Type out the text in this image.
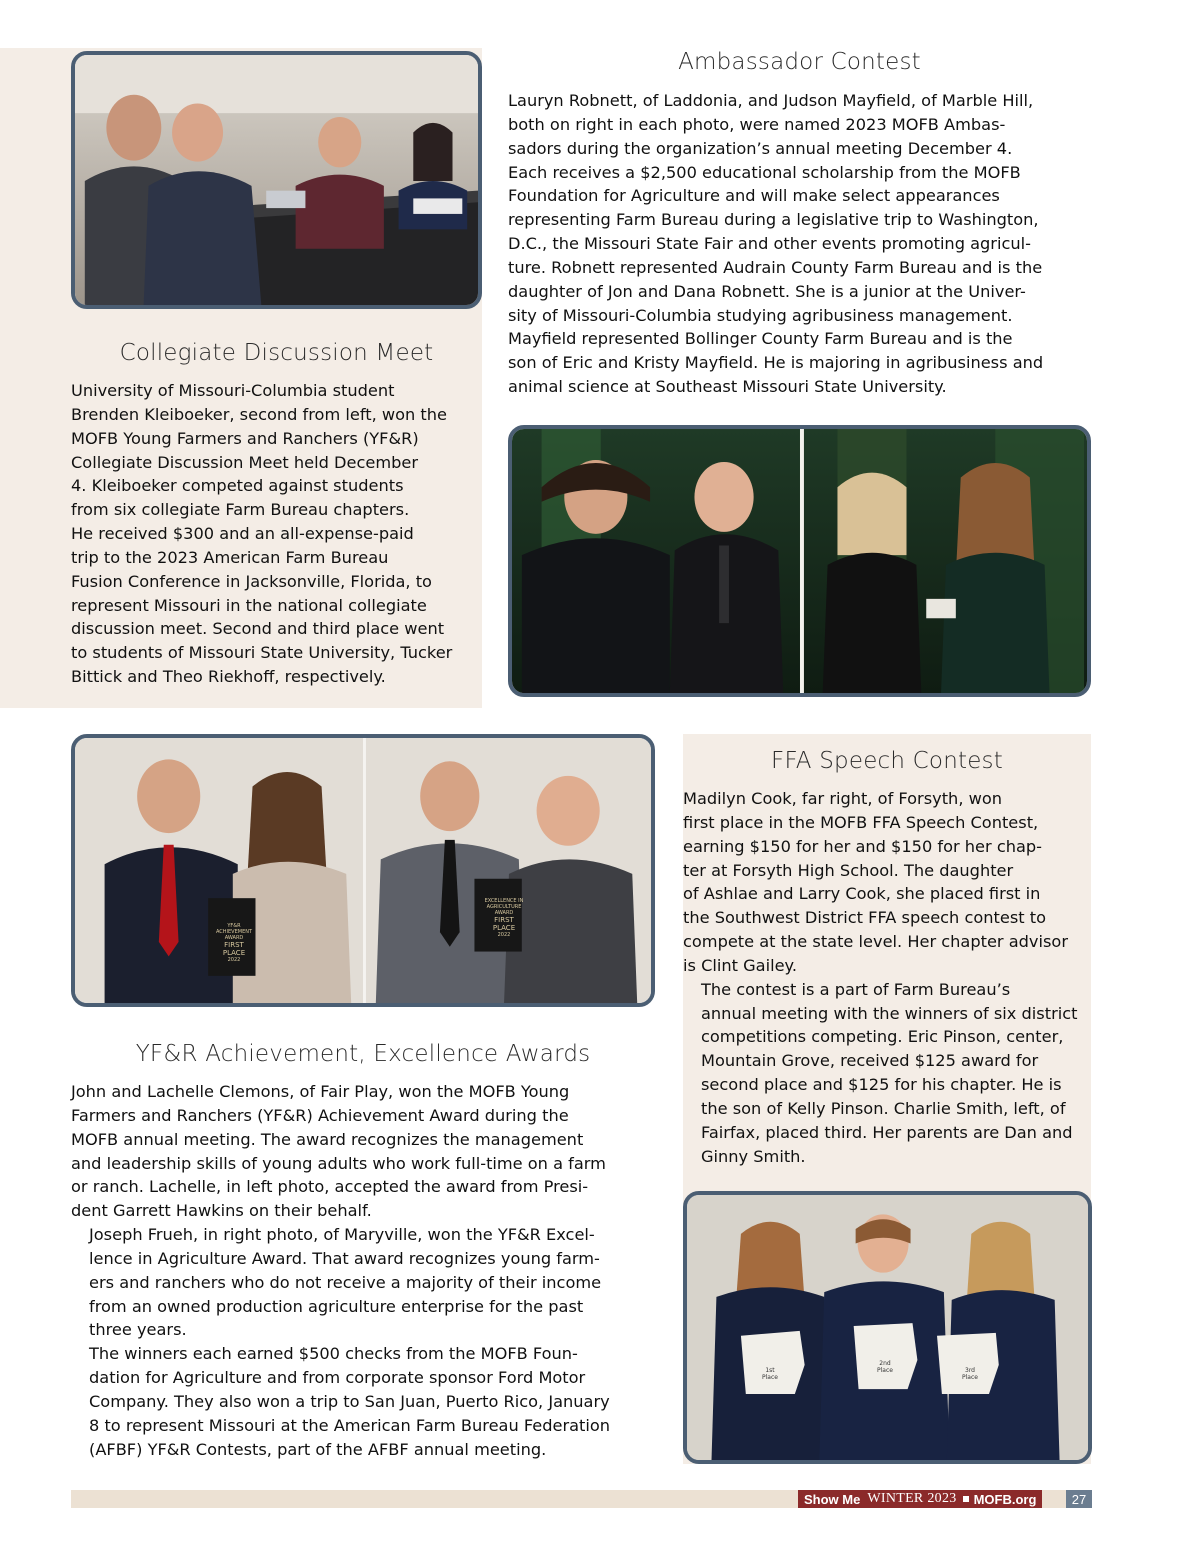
YF&R
ACHIEVEMENT
AWARD
FIRST
PLACE
2022
EXCELLENCE IN
AGRICULTURE
AWARD
FIRST
PLACE
2022
2nd
Place
1st
Place
3rd
Place
Ambassador Contest
Collegiate Discussion Meet
FFA Speech Contest
YF&R Achievement, Excellence Awards

Lauryn Robnett, of Laddonia, and Judson Mayfield, of Marble Hill,
both on right in each photo, were named 2023 MOFB Ambas-
sadors during the organization’s annual meeting December 4.
Each receives a $2,500 educational scholarship from the MOFB
Foundation for Agriculture and will make select appearances
representing Farm Bureau during a legislative trip to Washington,
D.C., the Missouri State Fair and other events promoting agricul-
ture. Robnett represented Audrain County Farm Bureau and is the
daughter of Jon and Dana Robnett. She is a junior at the Univer-
sity of Missouri-Columbia studying agribusiness management.
Mayfield represented Bollinger County Farm Bureau and is the
son of Eric and Kristy Mayfield. He is majoring in agribusiness and
animal science at Southeast Missouri State University.

University of Missouri-Columbia student
Brenden Kleiboeker, second from left, won the
MOFB Young Farmers and Ranchers (YF&R)
Collegiate Discussion Meet held December
4. Kleiboeker competed against students
from six collegiate Farm Bureau chapters.
He received $300 and an all-expense-paid
trip to the 2023 American Farm Bureau
Fusion Conference in Jacksonville, Florida, to
represent Missouri in the national collegiate
discussion meet. Second and third place went
to students of Missouri State University, Tucker
Bittick and Theo Riekhoff, respectively.

Madilyn Cook, far right, of Forsyth, won
first place in the MOFB FFA Speech Contest,
earning $150 for her and $150 for her chap-
ter at Forsyth High School. The daughter
of Ashlae and Larry Cook, she placed first in
the Southwest District FFA speech contest to
compete at the state level. Her chapter advisor
is Clint Gailey.

The contest is a part of Farm Bureau’s
annual meeting with the winners of six district
competitions competing. Eric Pinson, center,
Mountain Grove, received $125 award for
second place and $125 for his chapter. He is
the son of Kelly Pinson. Charlie Smith, left, of
Fairfax, placed third. Her parents are Dan and
Ginny Smith.

John and Lachelle Clemons, of Fair Play, won the MOFB Young
Farmers and Ranchers (YF&R) Achievement Award during the
MOFB annual meeting. The award recognizes the management
and leadership skills of young adults who work full-time on a farm
or ranch. Lachelle, in left photo, accepted the award from Presi-
dent Garrett Hawkins on their behalf.

Joseph Frueh, in right photo, of Maryville, won the YF&R Excel-
lence in Agriculture Award. That award recognizes young farm-
ers and ranchers who do not receive a majority of their income
from an owned production agriculture enterprise for the past
three years.

The winners each earned $500 checks from the MOFB Foun-
dation for Agriculture and from corporate sponsor Ford Motor
Company. They also won a trip to San Juan, Puerto Rico, January
8 to represent Missouri at the American Farm Bureau Federation
(AFBF) YF&R Contests, part of the AFBF annual meeting.

Show Me WINTER 2023 MOFB.org	27
